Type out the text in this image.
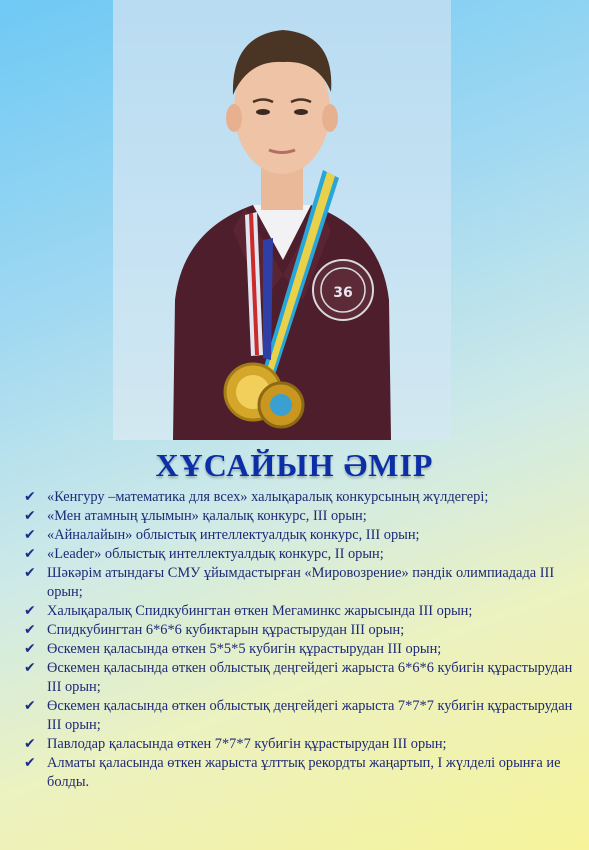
36
ХҰСАЙЫН ӘМІР
✔ «Кенгуру –математика для всех» халықаралық конкурсының жүлдегері;
✔ «Мен атамның ұлымын» қалалық конкурс, ІІІ орын;
✔ «Айналайын» облыстық интеллектуалдық конкурс, ІІІ орын;
✔ «Leader» облыстық интеллектуалдық конкурс, ІІ орын;
✔ Шәкәрім атындағы СМУ ұйымдастырған «Мировозрение» пәндік олимпиадада ІІІ орын;
✔ Халықаралық Спидкубингтан өткен Мегаминкс жарысында ІІІ орын;
✔ Спидкубингтан 6*6*6 кубиктарын құрастырудан ІІІ орын;
✔ Өскемен қаласында өткен 5*5*5 кубигін құрастырудан ІІІ орын;
✔ Өскемен қаласында өткен облыстық деңгейдегі жарыста 6*6*6 кубигін құрастырудан ІІІ орын;
✔ Өскемен қаласында өткен облыстық деңгейдегі жарыста 7*7*7 кубигін құрастырудан ІІІ орын;
✔ Павлодар қаласында өткен 7*7*7 кубигін құрастырудан ІІІ орын;
✔ Алматы қаласында өткен жарыста ұлттық рекордты жаңартып, І жүлделі орынға ие болды.
